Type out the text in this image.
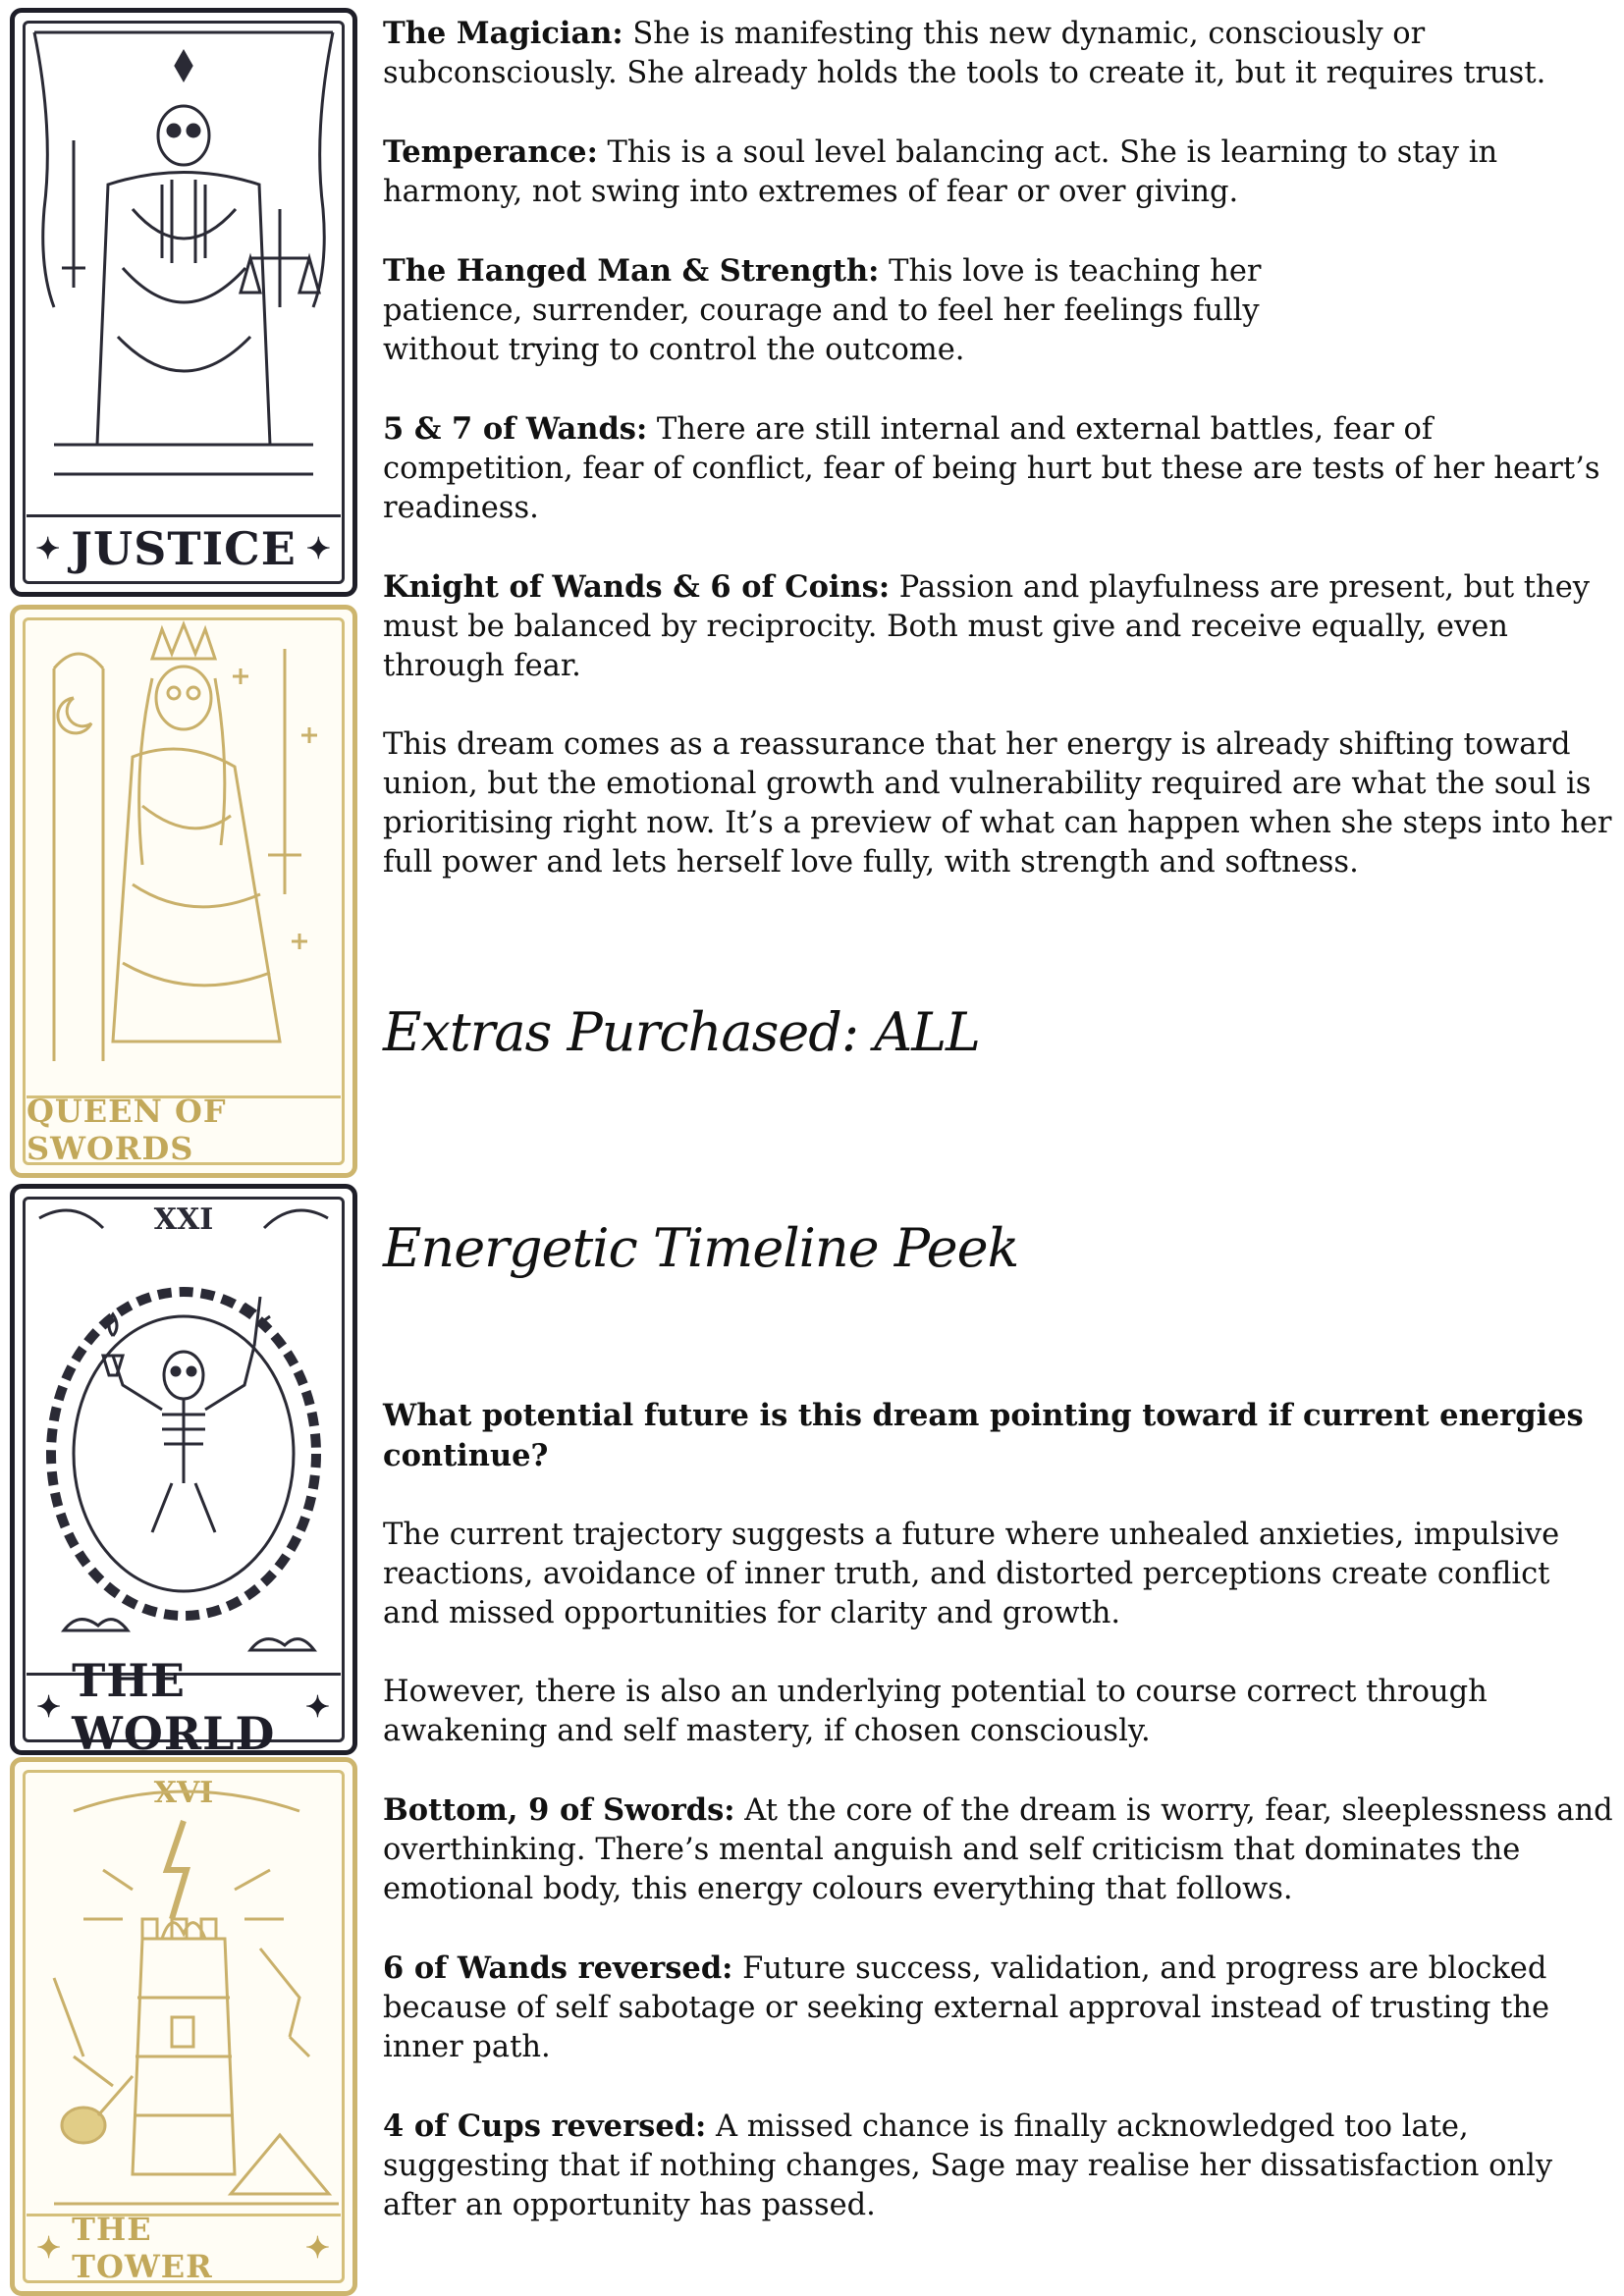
✦ JUSTICE ✦
QUEEN OF SWORDS
XXI
✦ THE WORLD	✦
XVI
✦ THE TOWER	✦

The Magician: She is manifesting this new dynamic, consciously or subconsciously. She already holds the tools to create it, but it requires trust.

Temperance: This is a soul level balancing act. She is learning to stay in harmony, not swing into extremes of fear or over giving.

The Hanged Man & Strength: This love is teaching her patience, surrender, courage and to feel her feelings fully without trying to control the outcome.

5 & 7 of Wands: There are still internal and external battles, fear of competition, fear of conflict, fear of being hurt but these are tests of her heart’s readiness.

Knight of Wands & 6 of Coins: Passion and playfulness are present, but they must be balanced by reciprocity. Both must give and receive equally, even through fear.

This dream comes as a reassurance that her energy is already shifting toward union, but the emotional growth and vulnerability required are what the soul is prioritising right now. It’s a preview of what can happen when she steps into her full power and lets herself love fully, with strength and softness.

Extras Purchased: ALL
Energetic Timeline Peek

What potential future is this dream pointing toward if current energies continue?

The current trajectory suggests a future where unhealed anxieties, impulsive reactions, avoidance of inner truth, and distorted perceptions create conflict and missed opportunities for clarity and growth.

However, there is also an underlying potential to course correct through awakening and self mastery, if chosen consciously.

Bottom, 9 of Swords: At the core of the dream is worry, fear, sleeplessness and overthinking. There’s mental anguish and self criticism that dominates the emotional body, this energy colours everything that follows.

6 of Wands reversed: Future success, validation, and progress are blocked because of self sabotage or seeking external approval instead of trusting the inner path.

4 of Cups reversed: A missed chance is finally acknowledged too late, suggesting that if nothing changes, Sage may realise her dissatisfaction only after an opportunity has passed.
